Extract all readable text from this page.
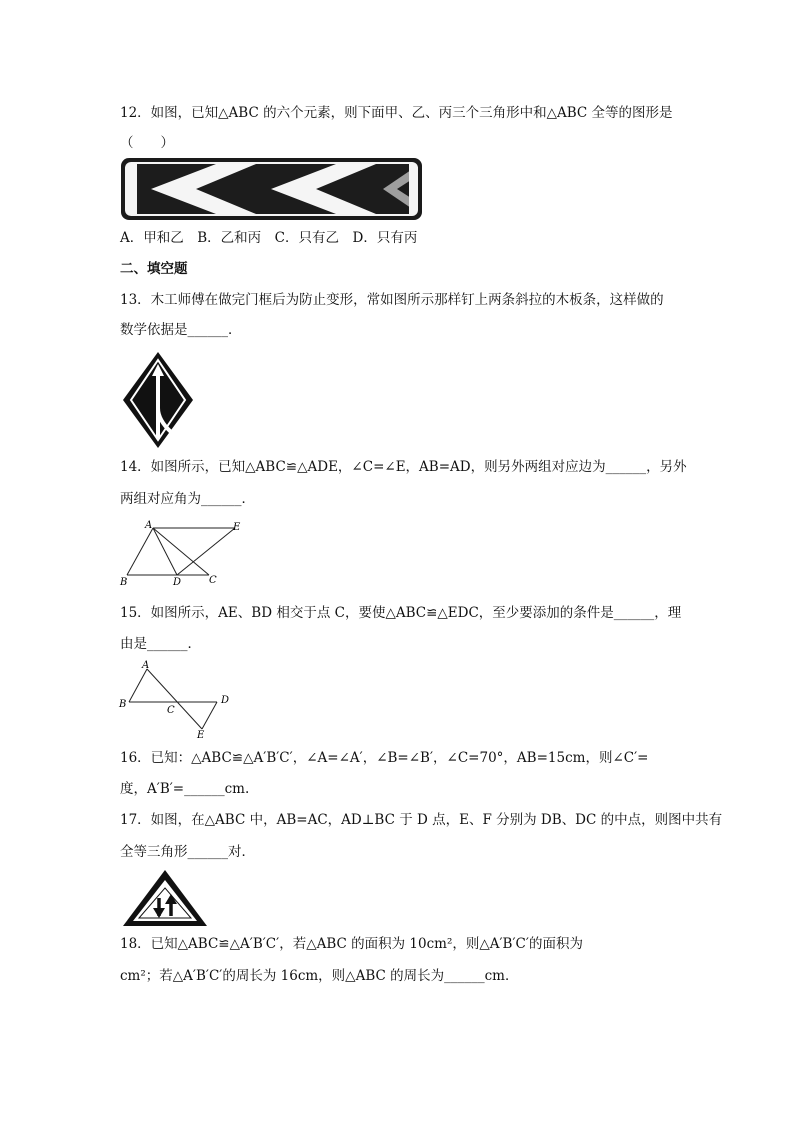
12．如图，已知△ABC 的六个元素，则下面甲、乙、丙三个三角形中和△ABC 全等的图形是
（　　）
A．甲和乙　B．乙和丙　C．只有乙　D．只有丙
二、填空题
13．木工师傅在做完门框后为防止变形，常如图所示那样钉上两条斜拉的木板条，这样做的
数学依据是______．
14．如图所示，已知△ABC≌△ADE，∠C=∠E，AB=AD，则另外两组对应边为______，另外
两组对应角为______．
A	E
B	D	C
15．如图所示，AE、BD 相交于点 C，要使△ABC≌△EDC，至少要添加的条件是______，理
由是______．
A
B
C
D
E
16．已知：△ABC≌△A′B′C′，∠A=∠A′，∠B=∠B′，∠C=70°，AB=15cm，则∠C′=
度，A′B′=______cm.
17．如图，在△ABC 中，AB=AC，AD⊥BC 于 D 点，E、F 分别为 DB、DC 的中点，则图中共有
全等三角形______对．
18．已知△ABC≌△A′B′C′，若△ABC 的面积为 10cm²，则△A′B′C′的面积为
cm²；若△A′B′C′的周长为 16cm，则△ABC 的周长为______cm．
